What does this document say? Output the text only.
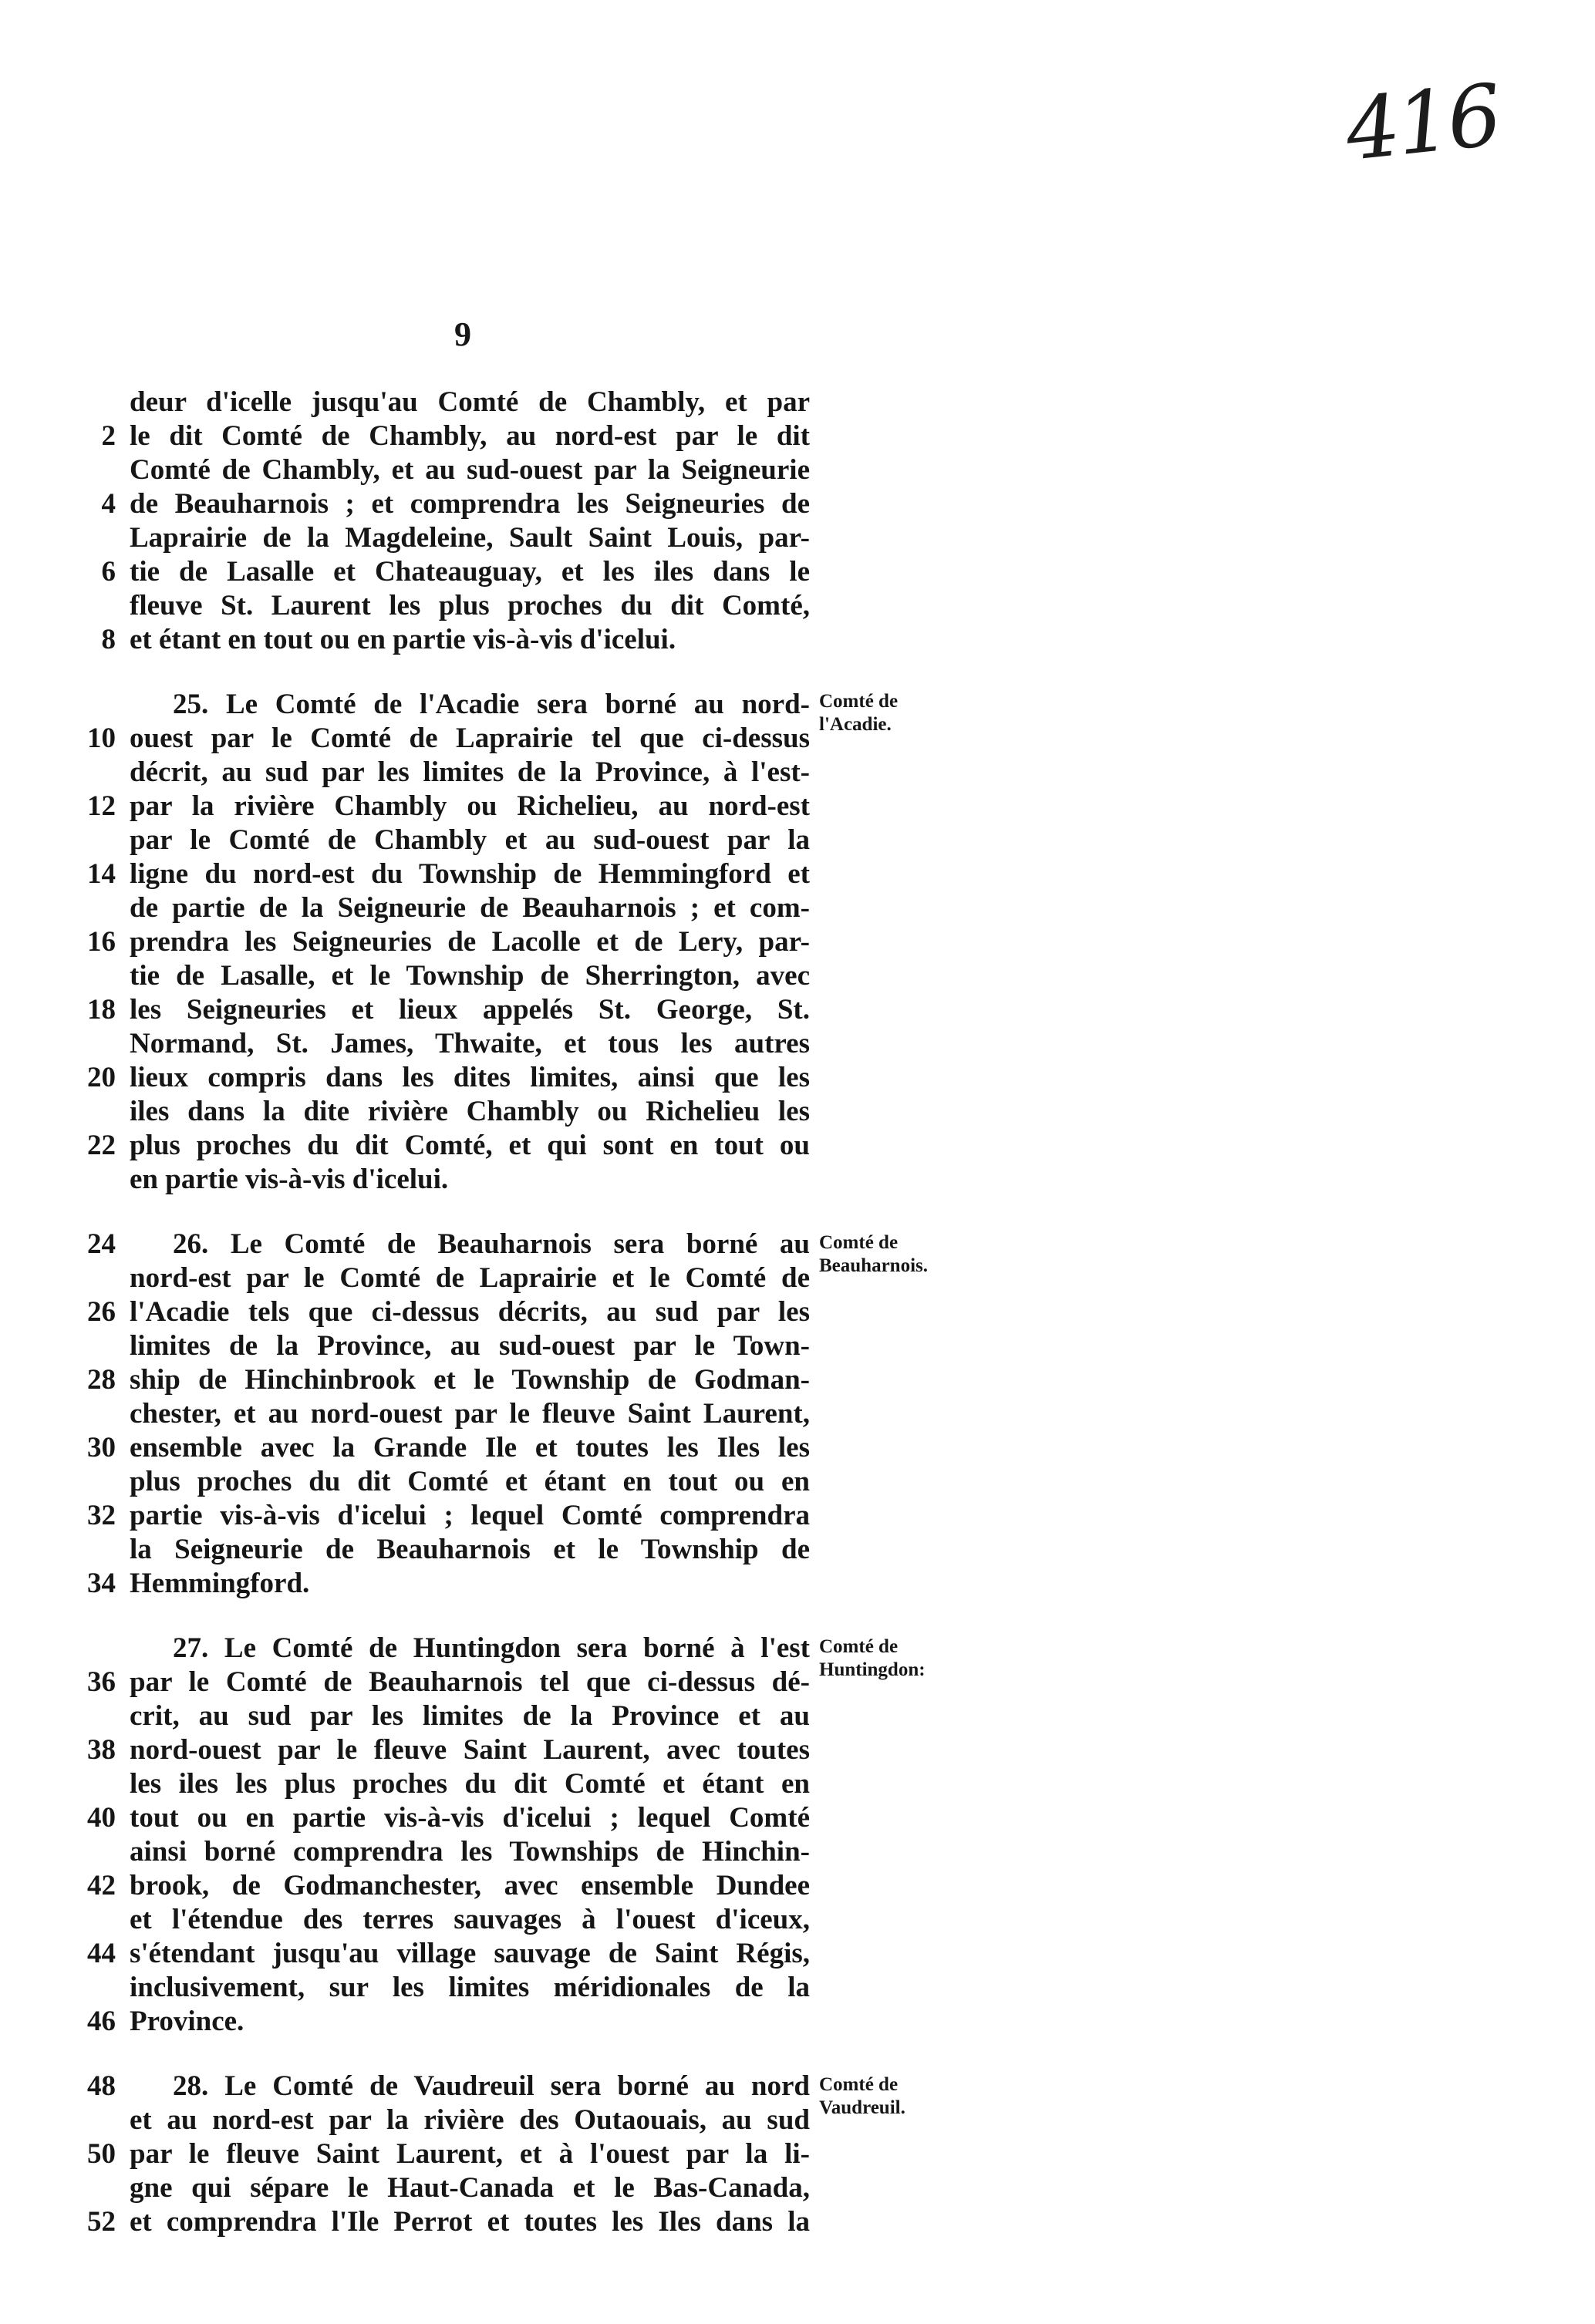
416
9
deur d'icelle jusqu'au Comté de Chambly, et par
2 le dit Comté de Chambly, au nord-est par le dit
Comté de Chambly, et au sud-ouest par la Seigneurie
4 de Beauharnois ; et comprendra les Seigneuries de
Laprairie de la Magdeleine, Sault Saint Louis, par-
6 tie de Lasalle et Chateauguay, et les iles dans le
fleuve St. Laurent les plus proches du dit Comté,
8 et étant en tout ou en partie vis-à-vis d'icelui.
25. Le Comté de l'Acadie sera borné au nord-
10 ouest par le Comté de Laprairie tel que ci-dessus
décrit, au sud par les limites de la Province, à l'est-
12 par la rivière Chambly ou Richelieu, au nord-est
par le Comté de Chambly et au sud-ouest par la
14 ligne du nord-est du Township de Hemmingford et
de partie de la Seigneurie de Beauharnois ; et com-
16 prendra les Seigneuries de Lacolle et de Lery, par-
tie de Lasalle, et le Township de Sherrington, avec
18 les Seigneuries et lieux appelés St. George, St.
Normand, St. James, Thwaite, et tous les autres
20 lieux compris dans les dites limites, ainsi que les
iles dans la dite rivière Chambly ou Richelieu les
22 plus proches du dit Comté, et qui sont en tout ou
en partie vis-à-vis d'icelui.
24 26. Le Comté de Beauharnois sera borné au
nord-est par le Comté de Laprairie et le Comté de
26 l'Acadie tels que ci-dessus décrits, au sud par les
limites de la Province, au sud-ouest par le Town-
28 ship de Hinchinbrook et le Township de Godman-
chester, et au nord-ouest par le fleuve Saint Laurent,
30 ensemble avec la Grande Ile et toutes les Iles les
plus proches du dit Comté et étant en tout ou en
32 partie vis-à-vis d'icelui ; lequel Comté comprendra
la Seigneurie de Beauharnois et le Township de
34 Hemmingford.
27. Le Comté de Huntingdon sera borné à l'est
36 par le Comté de Beauharnois tel que ci-dessus dé-
crit, au sud par les limites de la Province et au
38 nord-ouest par le fleuve Saint Laurent, avec toutes
les iles les plus proches du dit Comté et étant en
40 tout ou en partie vis-à-vis d'icelui ; lequel Comté
ainsi borné comprendra les Townships de Hinchin-
42 brook, de Godmanchester, avec ensemble Dundee
et l'étendue des terres sauvages à l'ouest d'iceux,
44 s'étendant jusqu'au village sauvage de Saint Régis,
inclusivement, sur les limites méridionales de la
46 Province.
48 28. Le Comté de Vaudreuil sera borné au nord
et au nord-est par la rivière des Outaouais, au sud
50 par le fleuve Saint Laurent, et à l'ouest par la li-
gne qui sépare le Haut-Canada et le Bas-Canada,
52 et comprendra l'Ile Perrot et toutes les Iles dans la
Comté de
l'Acadie.
Comté de
Beauharnois.
Comté de
Huntingdon:
Comté de
Vaudreuil.
